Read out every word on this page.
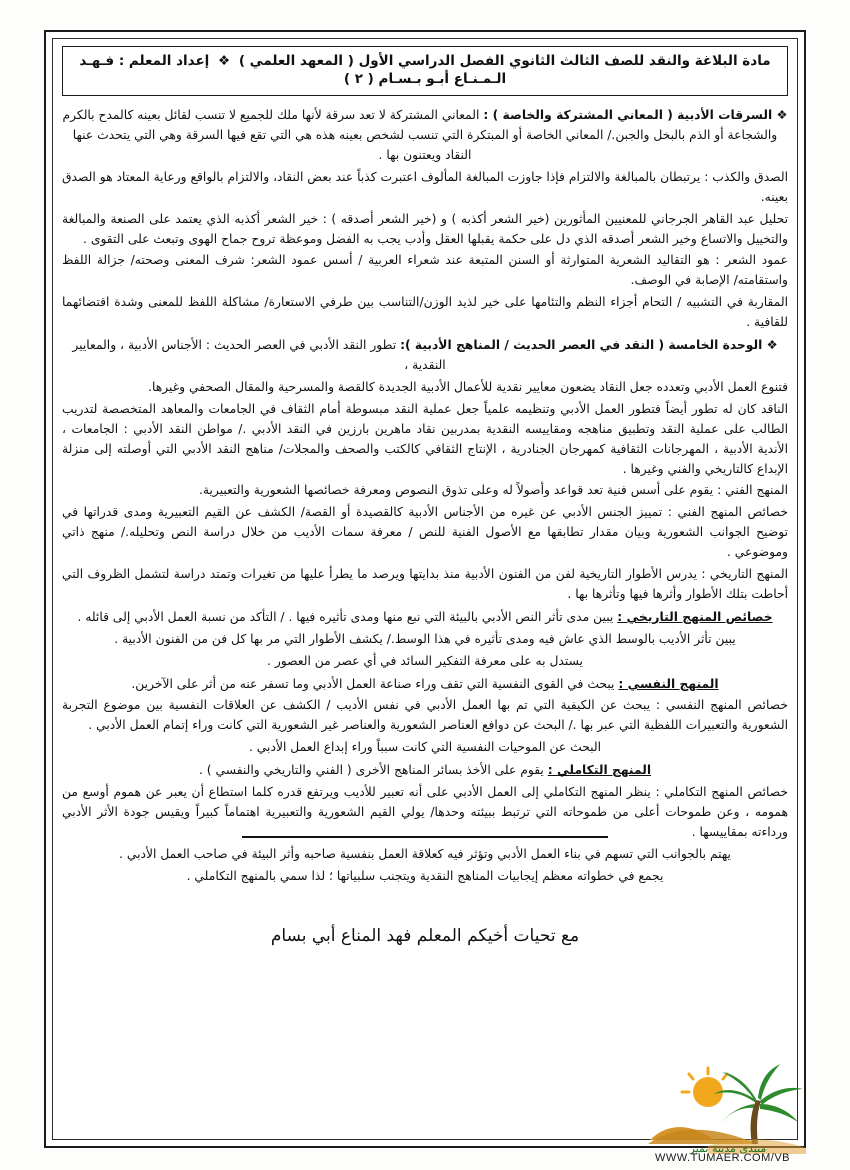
مادة البلاغة والنقد للصف الثالث الثانوي الفصل الدراسي الأول ( المعهد العلمي ) ❖ إعداد المعلم : فـهـد الـمـنـاع أبـو بـسـام ( ٢ )

❖ السرقات الأدبية ( المعاني المشتركة والخاصة ) : المعاني المشتركة لا تعد سرقة لأنها ملك للجميع لا تنسب لقائل بعينه كالمدح بالكرم والشجاعة أو الذم بالبخل والجبن./ المعاني الخاصة أو المبتكرة التي تنسب لشخص بعينه هذه هي التي تقع فيها السرقة وهي التي يتحدث عنها النقاد ويعتنون بها .

الصدق والكذب : يرتبطان بالمبالغة والالتزام فإذا جاوزت المبالغة المألوف اعتبرت كذباً عند بعض النقاد، والالتزام بالواقع ورعاية المعتاد هو الصدق بعينه.

تحليل عبد القاهر الجرجاني للمعنيين المأثورين (خير الشعر أكذبه ) و (خير الشعر أصدقه ) : خير الشعر أكذبه الذي يعتمد على الصنعة والمبالغة والتخييل والاتساع وخير الشعر أصدقه الذي دل على حكمة يقبلها العقل وأدب يجب به الفضل وموعظة تروح جماح الهوى وتبعث على التقوى .

عمود الشعر : هو التقاليد الشعرية المتوارثة أو السنن المتبعة عند شعراء العربية / أسس عمود الشعر: شرف المعنى وصحته/ جزالة اللفظ واستقامته/ الإصابة في الوصف.

المقاربة في التشبيه / التحام أجزاء النظم والتئامها على خير لذيد الوزن/التناسب بين طرفي الاستعارة/ مشاكلة اللفظ للمعنى وشدة اقتضائهما للقافية .

❖ الوحدة الخامسة ( النقد في العصر الحديث / المناهج الأدبية ): تطور النقد الأدبي في العصر الحديث : الأجناس الأدبية ، والمعايير النقدية ،

فتنوع العمل الأدبي وتعدده جعل النقاد يضعون معايير نقدية للأعمال الأدبية الجديدة كالقصة والمسرحية والمقال الصحفي وغيرها.

الناقد كان له تطور أيضاً فتطور العمل الأدبي وتنظيمه علمياً جعل عملية النقد مبسوطة أمام الثقاف في الجامعات والمعاهد المتخصصة لتدريب الطالب على عملية النقد وتطبيق مناهجه ومقاييسه النقدية بمدربين نقاد ماهرين بارزين في النقد الأدبي ./ مواطن النقد الأدبي : الجامعات ، الأندية الأدبية ، المهرجانات الثقافية كمهرجان الجنادرية ، الإنتاج الثقافي كالكتب والصحف والمجلات/ مناهج النقد الأدبي التي أوصلته إلى منزلة الإبداع كالتاريخي والفني وغيرها .

المنهج الفني : يقوم على أسس فنية تعد قواعد وأصولاً له وعلى تذوق النصوص ومعرفة خصائصها الشعورية والتعبيرية.

خصائص المنهج الفني : تمييز الجنس الأدبي عن غيره من الأجناس الأدبية كالقصيدة أو القصة/ الكشف عن القيم التعبيرية ومدى قدراتها في توضيح الجوانب الشعورية وبيان مقدار تطابقها مع الأصول الفنية للنص / معرفة سمات الأديب من خلال دراسة النص وتحليله./ منهج ذاتي وموضوعي .

المنهج التاريخي : يدرس الأطوار التاريخية لفن من الفنون الأدبية منذ بدايتها ويرصد ما يطرأ عليها من تغيرات وتمتد دراسة لتشمل الظروف التي أحاطت بتلك الأطوار وأثرها فيها وتأثرها بها .

خصائص المنهج التاريخي : يبين مدى تأثر النص الأدبي بالبيئة التي نبع منها ومدى تأثيره فيها . / التأكد من نسبة العمل الأدبي إلى قائله .

يبين تأثر الأديب بالوسط الذي عاش فيه ومدى تأثيره في هذا الوسط./ يكشف الأطوار التي مر بها كل فن من الفنون الأدبية .

يستدل به على معرفة التفكير السائد في أي عصر من العصور .

المنهج النفسي : يبحث في القوى النفسية التي تقف وراء صناعة العمل الأدبي وما تسفر عنه من أثر على الآخرين.

خصائص المنهج النفسي : يبحث عن الكيفية التي تم بها العمل الأدبي في نفس الأديب / الكشف عن العلاقات النفسية بين موضوع التجربة الشعورية والتعبيرات اللفظية التي عبر بها ./ البحث عن دوافع العناصر الشعورية والعناصر غير الشعورية التي كانت وراء إتمام العمل الأدبي .

البحث عن الموحيات النفسية التي كانت سبباً وراء إبداع العمل الأدبي .

المنهج التكاملي : يقوم على الأخذ بسائر المناهج الأخرى ( الفني والتاريخي والنفسي ) .

خصائص المنهج التكاملي : ينظر المنهج التكاملي إلى العمل الأدبي على أنه تعبير للأديب ويرتفع قدره كلما استطاع أن يعبر عن هموم أوسع من همومه ، وعن طموحات أعلى من طموحاته التي ترتبط ببيئته وحدها/ يولي القيم الشعورية والتعبيرية اهتماماً كبيراً ويقيس جودة الأثر الأدبي ورداءته بمقاييسها .

يهتم بالجوانب التي تسهم في بناء العمل الأدبي وتؤثر فيه كعلاقة العمل بنفسية صاحبه وأثر البيئة في صاحب العمل الأدبي .

يجمع في خطواته معظم إيجابيات المناهج النقدية ويتجنب سلبياتها ؛ لذا سمي بالمنهج التكاملي .

مع تحيات أخيكم المعلم فهد المناع أبي بسام
منتدى مدينة تمير
WWW.TUMAER.COM/VB
